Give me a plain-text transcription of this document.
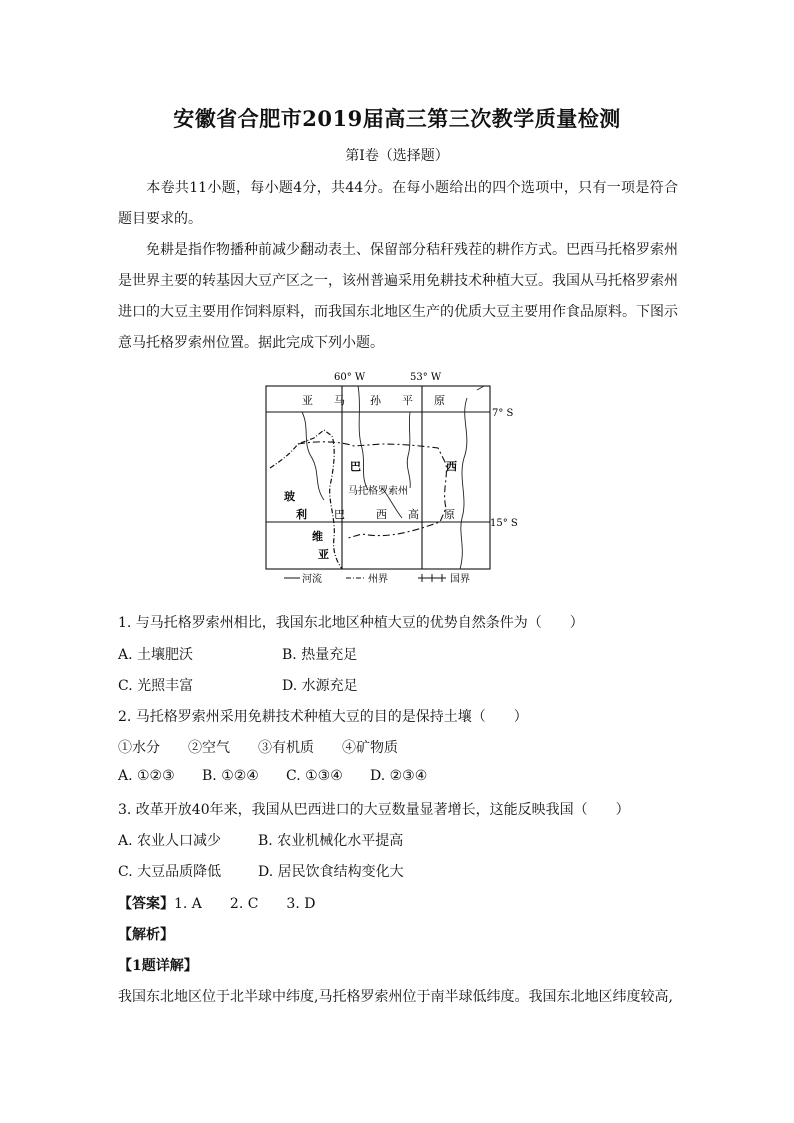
安徽省合肥市2019届高三第三次教学质量检测
第Ⅰ卷（选择题）
本卷共11小题，每小题4分，共44分。在每小题给出的四个选项中，只有一项是符合题目要求的。
免耕是指作物播种前减少翻动表土、保留部分秸秆残茬的耕作方式。巴西马托格罗索州是世界主要的转基因大豆产区之一，该州普遍采用免耕技术种植大豆。我国从马托格罗索州进口的大豆主要用作饲料原料，而我国东北地区生产的优质大豆主要用作食品原料。下图示意马托格罗索州位置。据此完成下列小题。
60° W	53° W
7° S
15° S
亚 马 孙 平 原
巴	西
马托格罗索州
玻
利
维
亚
巴	西 高 原
河流	州界	国界
1. 与马托格罗索州相比，我国东北地区种植大豆的优势自然条件为（　　）
A. 土壤肥沃	B. 热量充足
C. 光照丰富	D. 水源充足
2. 马托格罗索州采用免耕技术种植大豆的目的是保持土壤（　　）
①水分　　②空气　　③有机质　　④矿物质
A. ①②③ B. ①②④ C. ①③④ D. ②③④
3. 改革开放40年来，我国从巴西进口的大豆数量显著增长，这能反映我国（　　）
A. 农业人口减少	B. 农业机械化水平提高
C. 大豆品质降低	D. 居民饮食结构变化大
【答案】1. A　　2. C　　3. D
【解析】
【1题详解】
我国东北地区位于北半球中纬度,马托格罗索州位于南半球低纬度。我国东北地区纬度较高,
